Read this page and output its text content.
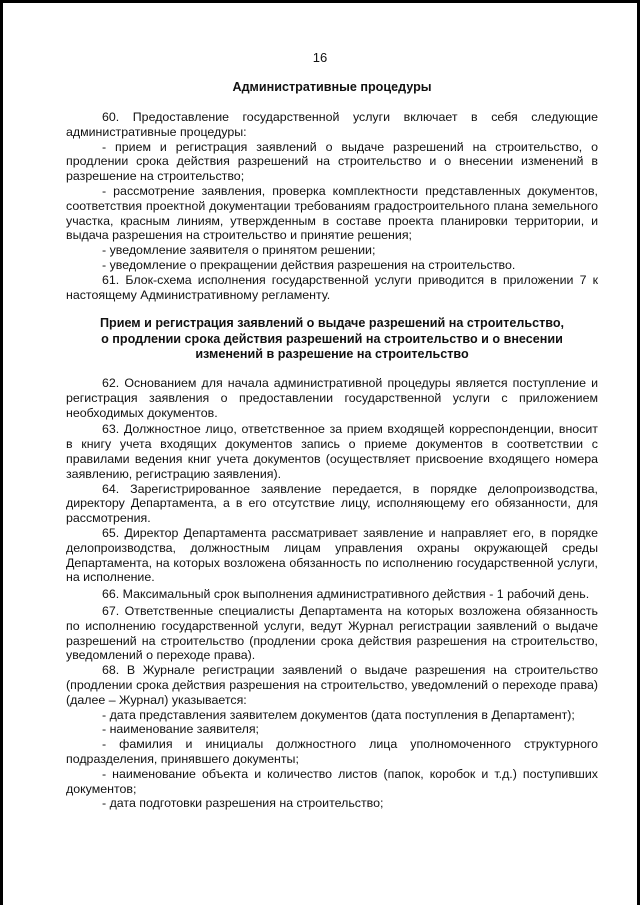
16
Административные процедуры

60. Предоставление государственной услуги включает в себя следующие административные процедуры:

- прием и регистрация заявлений о выдаче разрешений на строительство, о продлении срока действия разрешений на строительство и о внесении изменений в разрешение на строительство;

- рассмотрение заявления, проверка комплектности представленных документов, соответствия проектной документации требованиям градостроительного плана земельного участка, красным линиям, утвержденным в составе проекта планировки территории, и выдача разрешения на строительство и принятие решения;

- уведомление заявителя о принятом решении;

- уведомление о прекращении действия разрешения на строительство.

61. Блок-схема исполнения государственной услуги приводится в приложении 7 к настоящему Административному регламенту.

Прием и регистрация заявлений о выдаче разрешений на строительство,
о продлении срока действия разрешений на строительство и о внесении
изменений в разрешение на строительство

62. Основанием для начала административной процедуры является поступление и регистрация заявления о предоставлении государственной услуги с приложением необходимых документов.

63. Должностное лицо, ответственное за прием входящей корреспонденции, вносит в книгу учета входящих документов запись о приеме документов в соответствии с правилами ведения книг учета документов (осуществляет присвоение входящего номера заявлению, регистрацию заявления).

64. Зарегистрированное заявление передается, в порядке делопроизводства, директору Департамента, а в его отсутствие лицу, исполняющему его обязанности, для рассмотрения.

65. Директор Департамента рассматривает заявление и направляет его, в порядке делопроизводства, должностным лицам управления охраны окружающей среды Департамента, на которых возложена обязанность по исполнению государственной услуги, на исполнение.

66. Максимальный срок выполнения административного действия - 1 рабочий день.

67. Ответственные специалисты Департамента на которых возложена обязанность по исполнению государственной услуги, ведут Журнал регистрации заявлений о выдаче разрешений на строительство (продлении срока действия разрешения на строительство, уведомлений о переходе права).

68. В Журнале регистрации заявлений о выдаче разрешения на строительство (продлении срока действия разрешения на строительство, уведомлений о переходе права) (далее – Журнал) указывается:

- дата представления заявителем документов (дата поступления в Департамент);

- наименование заявителя;

- фамилия и инициалы должностного лица уполномоченного структурного подразделения, принявшего документы;

- наименование объекта и количество листов (папок, коробок и т.д.) поступивших документов;

- дата подготовки разрешения на строительство;
